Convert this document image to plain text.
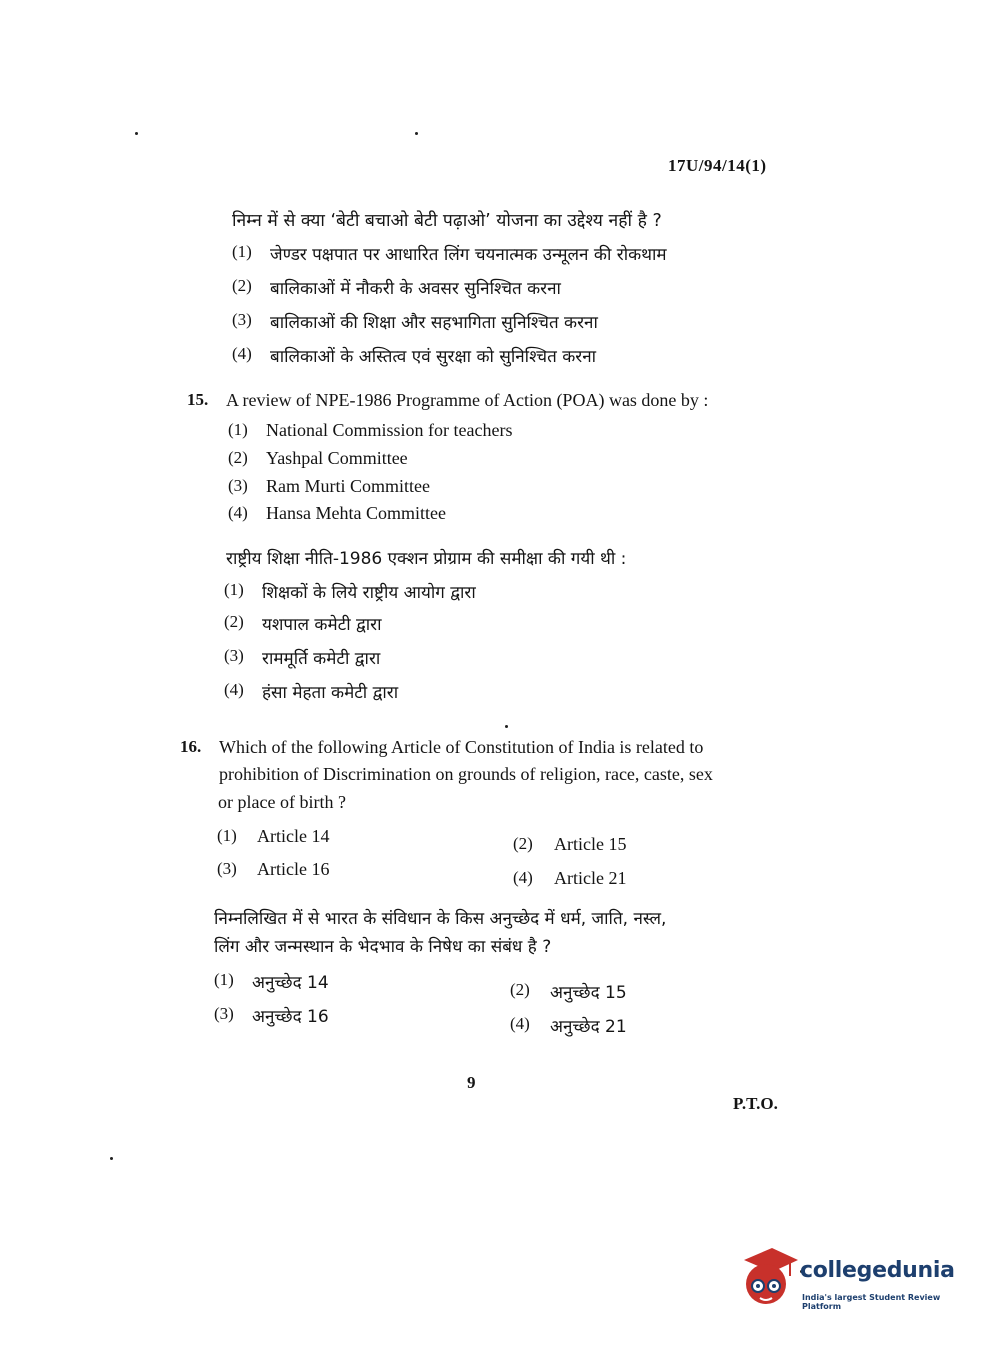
17U/94/14(1)
निम्न में से क्या ‘बेटी बचाओ बेटी पढ़ाओ’ योजना का उद्देश्य नहीं है ?
(1) जेण्डर पक्षपात पर आधारित लिंग चयनात्मक उन्मूलन की रोकथाम
(2) बालिकाओं में नौकरी के अवसर सुनिश्चित करना
(3) बालिकाओं की शिक्षा और सहभागिता सुनिश्चित करना
(4) बालिकाओं के अस्तित्व एवं सुरक्षा को सुनिश्चित करना
15. A review of NPE-1986 Programme of Action (POA) was done by :
(1) National Commission for teachers
(2) Yashpal Committee
(3) Ram Murti Committee
(4) Hansa Mehta Committee
राष्ट्रीय शिक्षा नीति-1986 एक्शन प्रोग्राम की समीक्षा की गयी थी :
(1) शिक्षकों के लिये राष्ट्रीय आयोग द्वारा
(2) यशपाल कमेटी द्वारा
(3) राममूर्ति कमेटी द्वारा
(4) हंसा मेहता कमेटी द्वारा
16. Which of the following Article of Constitution of India is related to
prohibition of Discrimination on grounds of religion, race, caste, sex
or place of birth ?
(1) Article 14	(2) Article 15
(3) Article 16	(4) Article 21
निम्नलिखित में से भारत के संविधान के किस अनुच्छेद में धर्म, जाति, नस्ल,
लिंग और जन्मस्थान के भेदभाव के निषेध का संबंध है ?
(1) अनुच्छेद 14	(2) अनुच्छेद 15
(3) अनुच्छेद 16	(4) अनुच्छेद 21
9
P.T.O.
collegedunia
India's largest Student Review Platform
